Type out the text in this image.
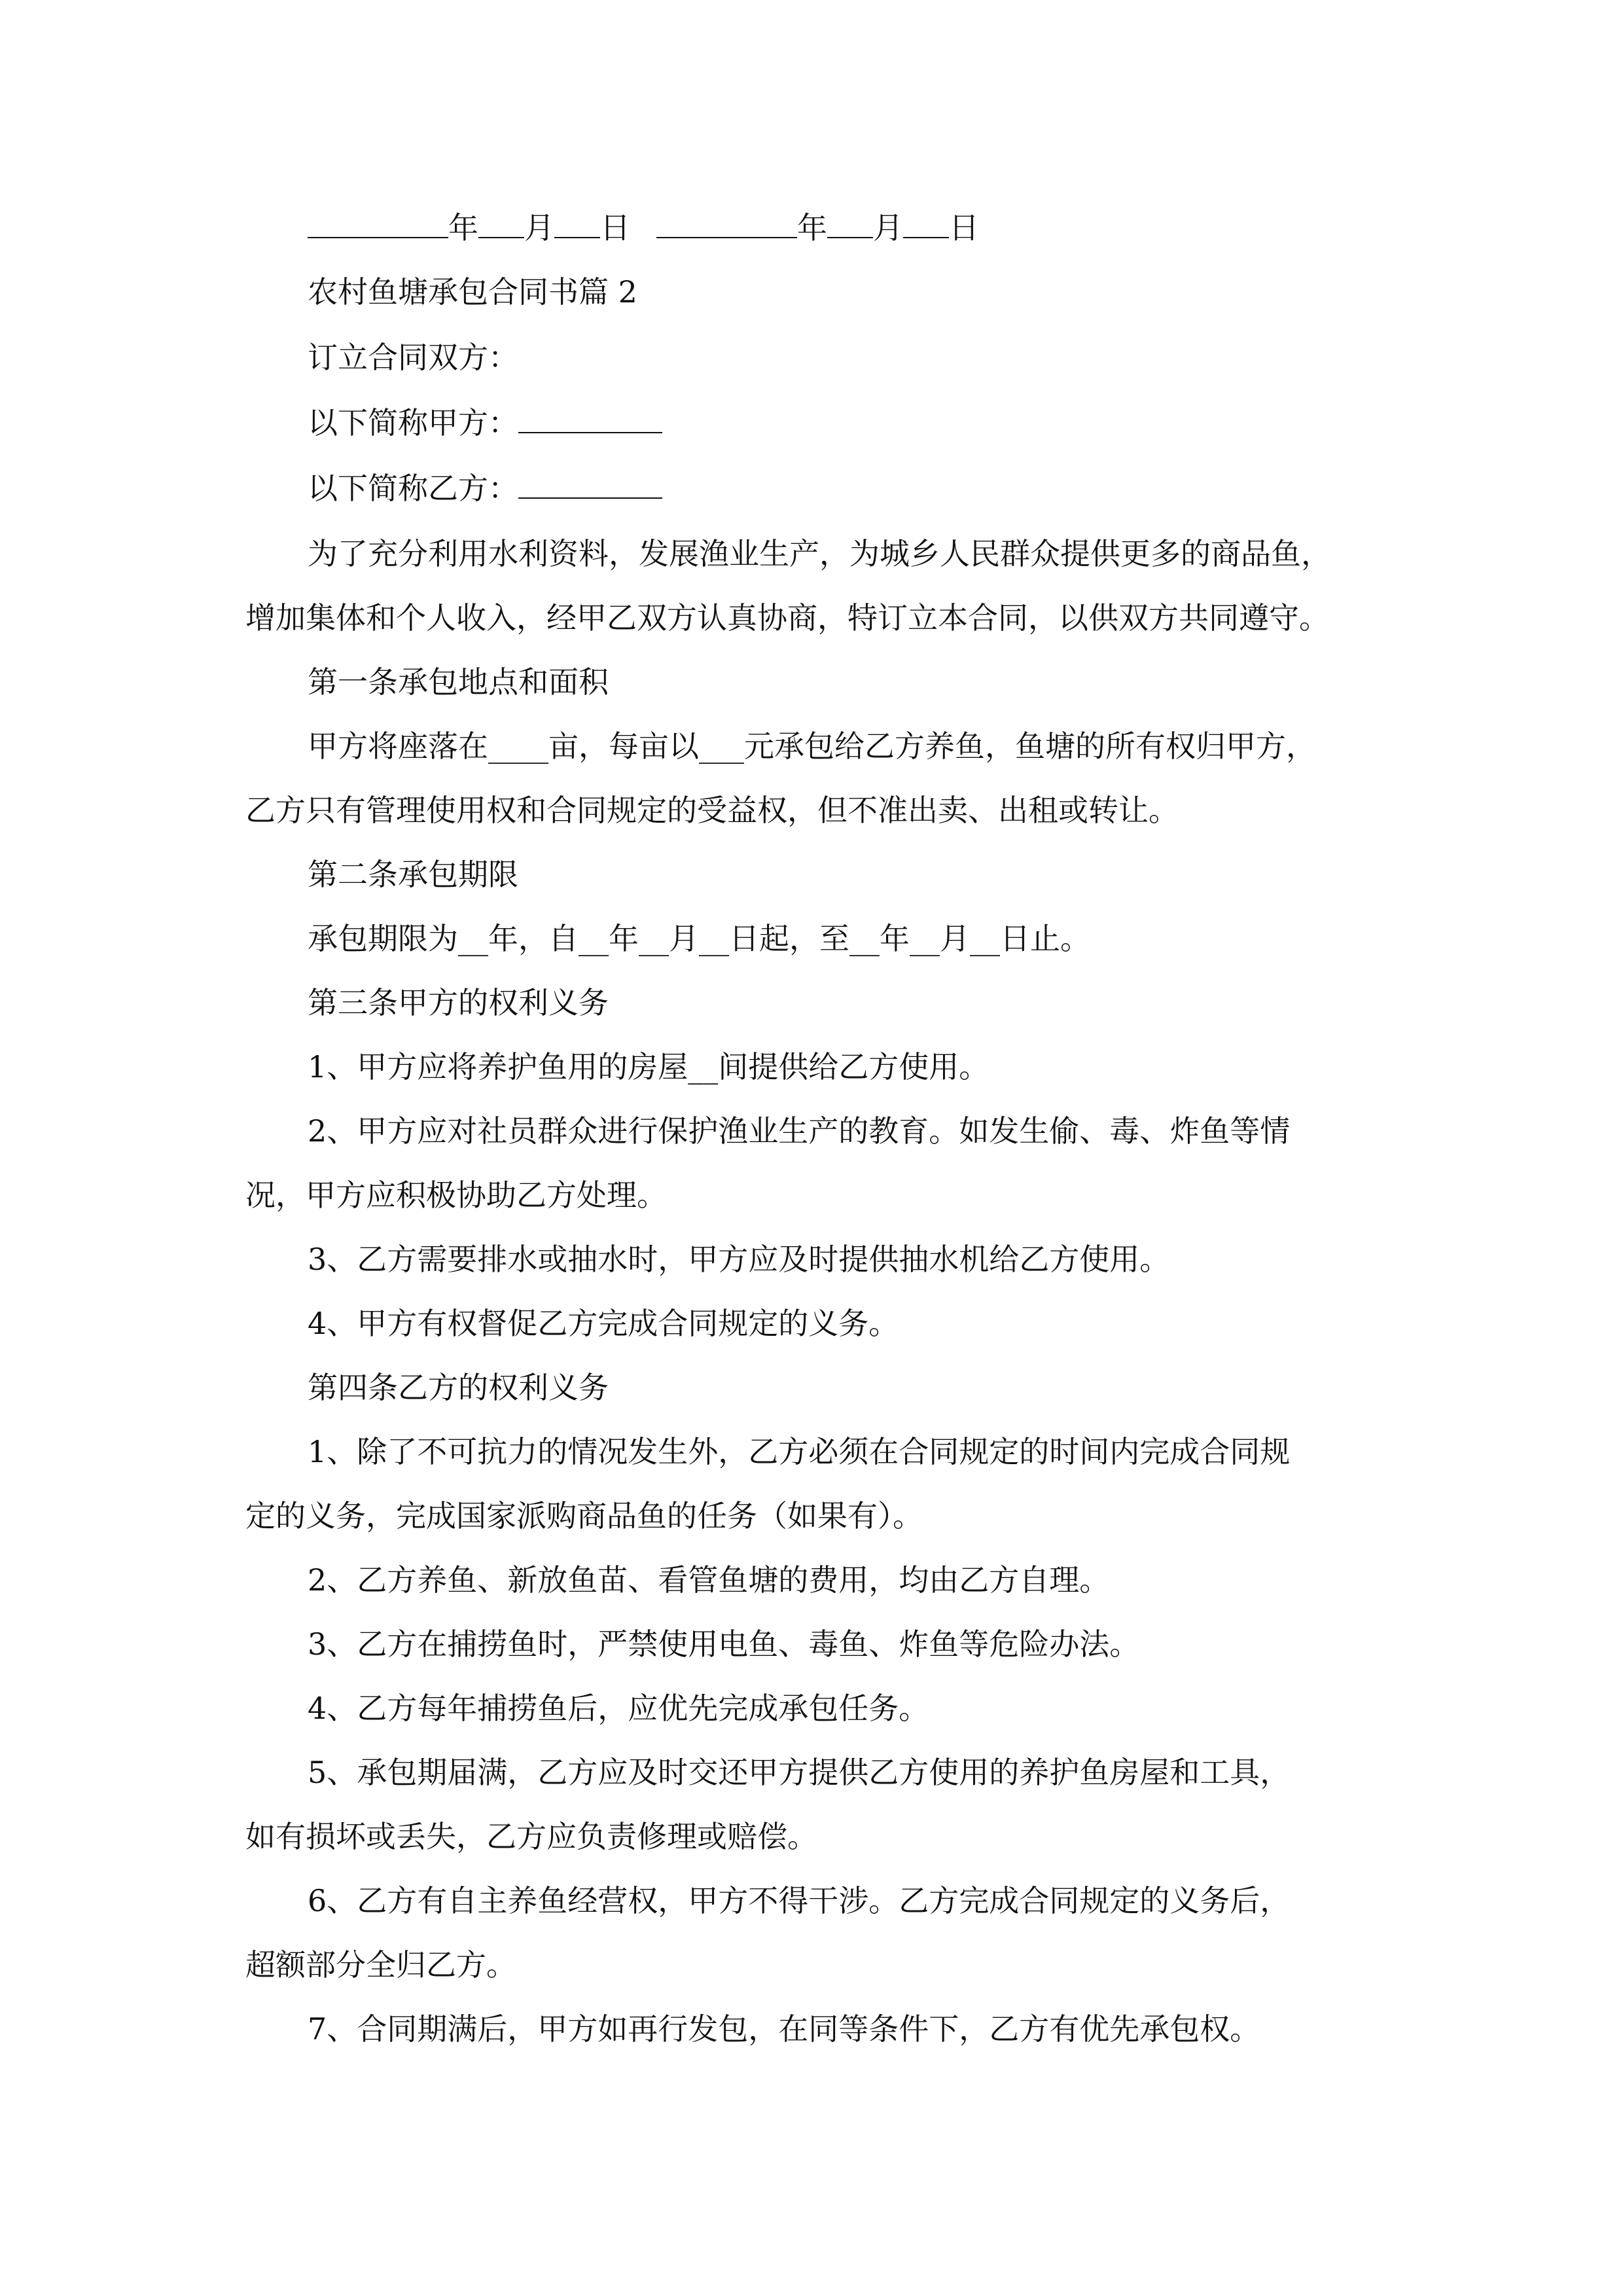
年 月 日	年 月 日
农村鱼塘承包合同书篇 2
订立合同双方：
以下简称甲方：
以下简称乙方：
为了充分利用水利资料，发展渔业生产，为城乡人民群众提供更多的商品鱼，
增加集体和个人收入，经甲乙双方认真协商，特订立本合同，以供双方共同遵守。
第一条承包地点和面积
甲方将座落在____亩，每亩以___元承包给乙方养鱼，鱼塘的所有权归甲方，
乙方只有管理使用权和合同规定的受益权，但不准出卖、出租或转让。
第二条承包期限
承包期限为__年，自__年__月__日起，至__年__月__日止。
第三条甲方的权利义务
1、甲方应将养护鱼用的房屋__间提供给乙方使用。
2、甲方应对社员群众进行保护渔业生产的教育。如发生偷、毒、炸鱼等情
况，甲方应积极协助乙方处理。
3、乙方需要排水或抽水时，甲方应及时提供抽水机给乙方使用。
4、甲方有权督促乙方完成合同规定的义务。
第四条乙方的权利义务
1、除了不可抗力的情况发生外，乙方必须在合同规定的时间内完成合同规
定的义务，完成国家派购商品鱼的任务（如果有）。
2、乙方养鱼、新放鱼苗、看管鱼塘的费用，均由乙方自理。
3、乙方在捕捞鱼时，严禁使用电鱼、毒鱼、炸鱼等危险办法。
4、乙方每年捕捞鱼后，应优先完成承包任务。
5、承包期届满，乙方应及时交还甲方提供乙方使用的养护鱼房屋和工具，
如有损坏或丢失，乙方应负责修理或赔偿。
6、乙方有自主养鱼经营权，甲方不得干涉。乙方完成合同规定的义务后，
超额部分全归乙方。
7、合同期满后，甲方如再行发包，在同等条件下，乙方有优先承包权。
